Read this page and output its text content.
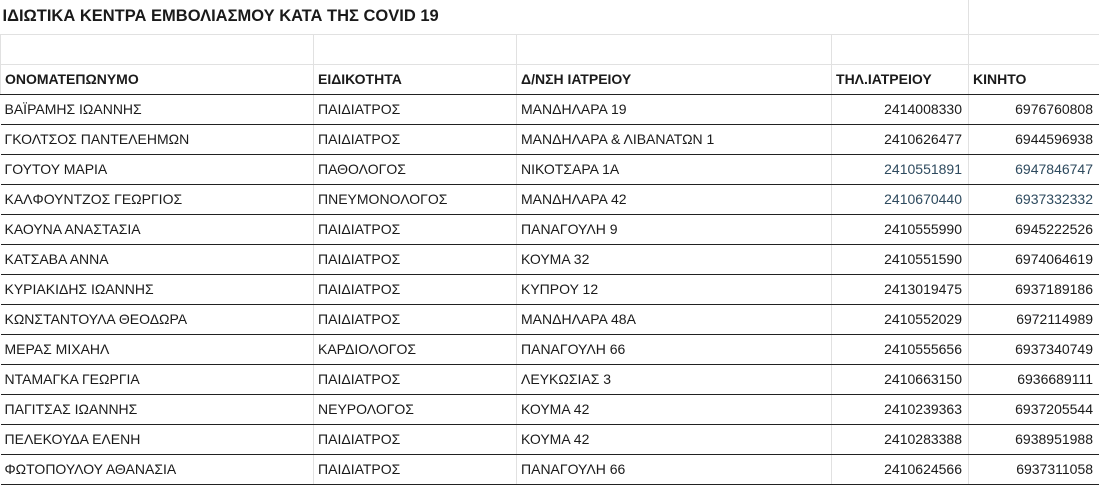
ΙΔΙΩΤΙΚΑ ΚΕΝΤΡΑ ΕΜΒΟΛΙΑΣΜΟΥ ΚΑΤΑ ΤΗΣ COVID 19				

ΟΝΟΜΑΤΕΠΩΝΥΜΟ	ΕΙΔΙΚΟΤΗΤΑ	Δ/ΝΣΗ ΙΑΤΡΕΙΟΥ	ΤΗΛ.ΙΑΤΡΕΙΟΥ	ΚΙΝΗΤΟ
ΒΑΪΡΑΜΗΣ ΙΩΑΝΝΗΣ	ΠΑΙΔΙΑΤΡΟΣ	ΜΑΝΔΗΛΑΡΑ 19	2414008330	6976760808
ΓΚΟΛΤΣΟΣ ΠΑΝΤΕΛΕΗΜΩΝ	ΠΑΙΔΙΑΤΡΟΣ	ΜΑΝΔΗΛΑΡΑ & ΛΙΒΑΝΑΤΩΝ 1	2410626477	6944596938
ΓΟΥΤΟΥ ΜΑΡΙΑ	ΠΑΘΟΛΟΓΟΣ	ΝΙΚΟΤΣΑΡΑ 1Α	2410551891	6947846747
ΚΑΛΦΟΥΝΤΖΟΣ ΓΕΩΡΓΙΟΣ	ΠΝΕΥΜΟΝΟΛΟΓΟΣ	ΜΑΝΔΗΛΑΡΑ 42	2410670440	6937332332
ΚΑΟΥΝΑ ΑΝΑΣΤΑΣΙΑ	ΠΑΙΔΙΑΤΡΟΣ	ΠΑΝΑΓΟΥΛΗ 9	2410555990	6945222526
ΚΑΤΣΑΒΑ ΑΝΝΑ	ΠΑΙΔΙΑΤΡΟΣ	ΚΟΥΜΑ 32	2410551590	6974064619
ΚΥΡΙΑΚΙΔΗΣ ΙΩΑΝΝΗΣ	ΠΑΙΔΙΑΤΡΟΣ	ΚΥΠΡΟΥ 12	2413019475	6937189186
ΚΩΝΣΤΑΝΤΟΥΛΑ ΘΕΟΔΩΡΑ	ΠΑΙΔΙΑΤΡΟΣ	ΜΑΝΔΗΛΑΡΑ 48Α	2410552029	6972114989
ΜΕΡΑΣ ΜΙΧΑΗΛ	ΚΑΡΔΙΟΛΟΓΟΣ	ΠΑΝΑΓΟΥΛΗ 66	2410555656	6937340749
ΝΤΑΜΑΓΚΑ ΓΕΩΡΓΙΑ	ΠΑΙΔΙΑΤΡΟΣ	ΛΕΥΚΩΣΙΑΣ 3	2410663150	6936689111
ΠΑΓΙΤΣΑΣ ΙΩΑΝΝΗΣ	ΝΕΥΡΟΛΟΓΟΣ	ΚΟΥΜΑ 42	2410239363	6937205544
ΠΕΛΕΚΟΥΔΑ ΕΛΕΝΗ	ΠΑΙΔΙΑΤΡΟΣ	ΚΟΥΜΑ 42	2410283388	6938951988
ΦΩΤΟΠΟΥΛΟΥ ΑΘΑΝΑΣΙΑ	ΠΑΙΔΙΑΤΡΟΣ	ΠΑΝΑΓΟΥΛΗ 66	2410624566	6937311058
